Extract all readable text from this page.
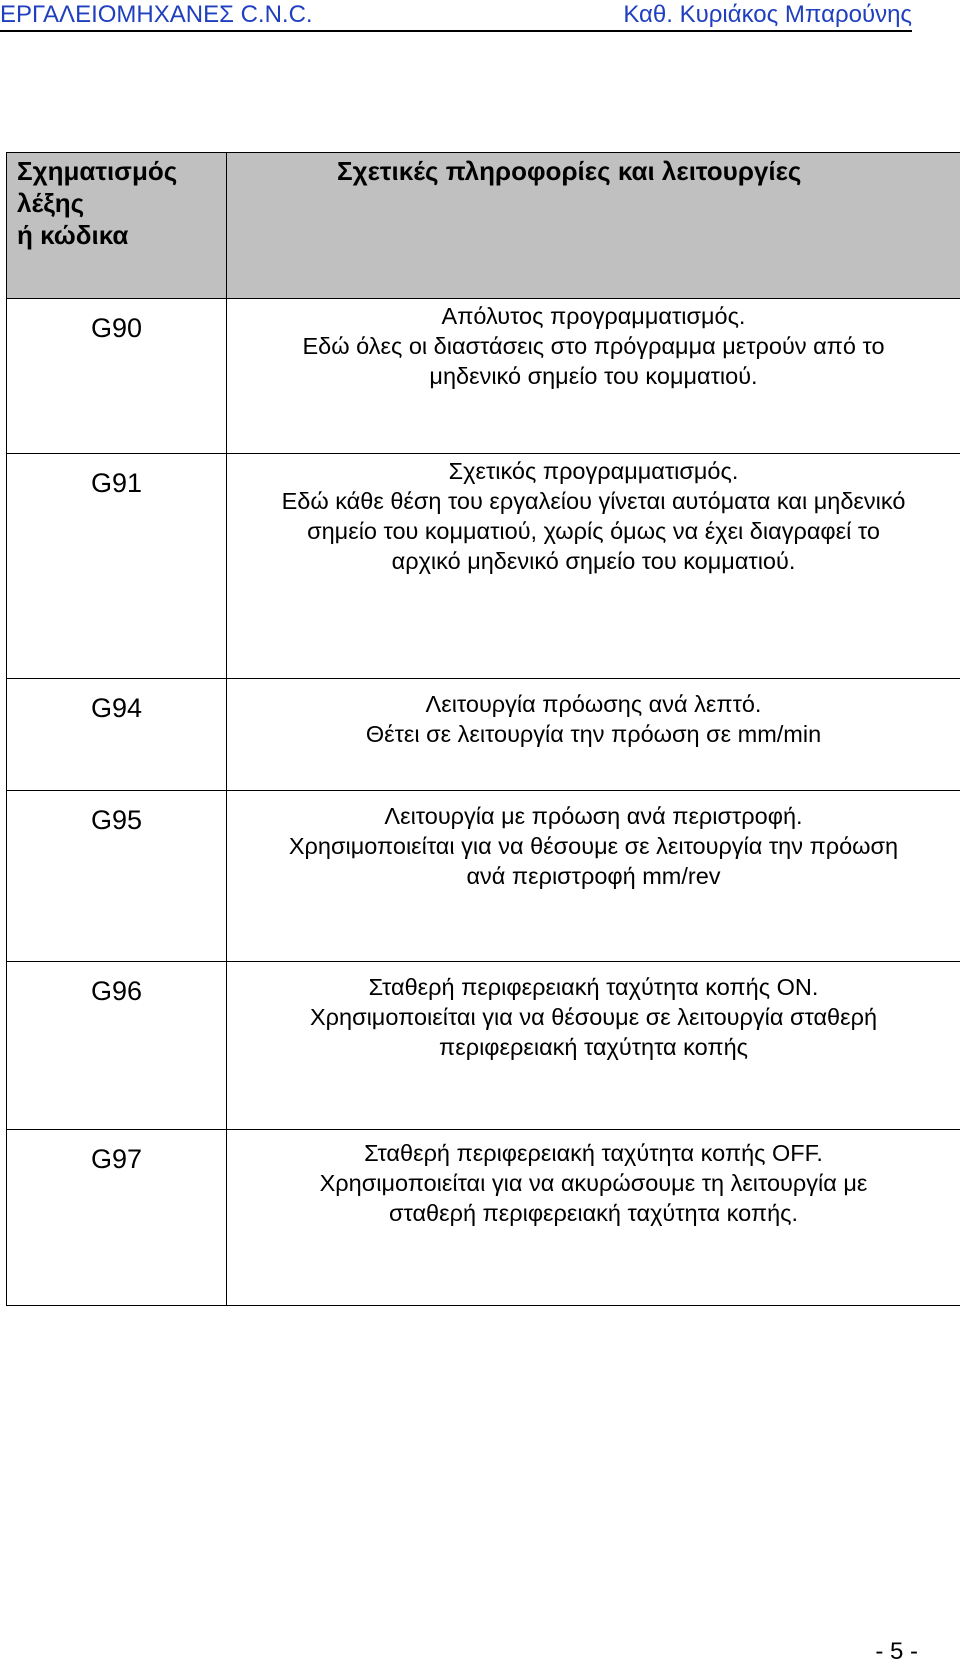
ΕΡΓΑΛΕΙΟΜΗΧΑΝΕΣ C.N.C.	Καθ. Κυριάκος Μπαρούνης
Σχηματισμός
λέξης
ή κώδικα	Σχετικές πληροφορίες και λειτουργίες
G90	Απόλυτος προγραμματισμός.
Εδώ όλες οι διαστάσεις στο πρόγραμμα μετρούν από το
μηδενικό σημείο του κομματιού.

G91	Σχετικός προγραμματισμός.
Εδώ κάθε θέση του εργαλείου γίνεται αυτόματα και μηδενικό
σημείο του κομματιού, χωρίς όμως να έχει διαγραφεί το
αρχικό μηδενικό σημείο του κομματιού.

G94	Λειτουργία πρόωσης ανά λεπτό.
Θέτει σε λειτουργία την πρόωση σε mm/min

G95	Λειτουργία με πρόωση ανά περιστροφή.
Χρησιμοποιείται για να θέσουμε σε λειτουργία την πρόωση
ανά περιστροφή mm/rev

G96	Σταθερή περιφερειακή ταχύτητα κοπής ON.
Χρησιμοποιείται για να θέσουμε σε λειτουργία σταθερή
περιφερειακή ταχύτητα κοπής

G97	Σταθερή περιφερειακή ταχύτητα κοπής OFF.
Χρησιμοποιείται για να ακυρώσουμε τη λειτουργία με
σταθερή περιφερειακή ταχύτητα κοπής.
- 5 -
